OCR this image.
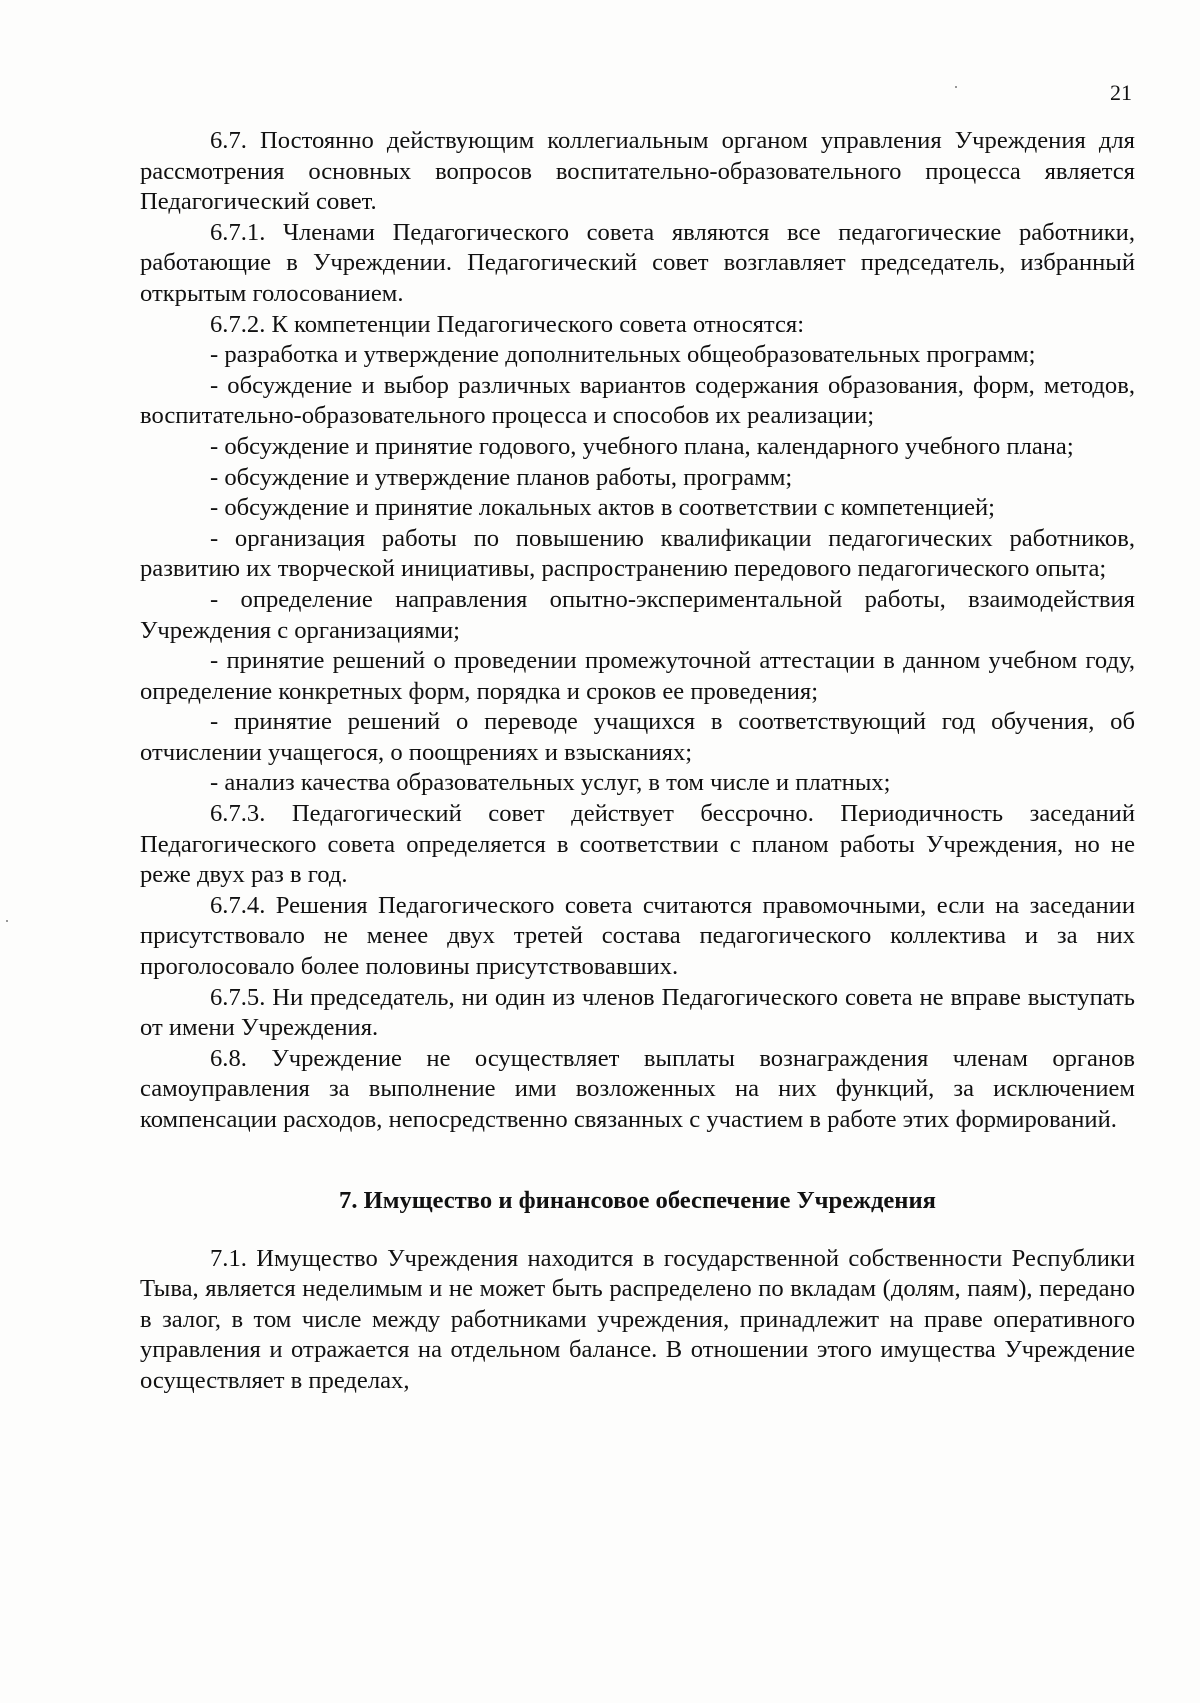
21

6.7. Постоянно действующим коллегиальным органом управления Учреждения для рассмотрения основных вопросов воспитательно-образовательного процесса является Педагогический совет.

6.7.1. Членами Педагогического совета являются все педагогические работники, работающие в Учреждении. Педагогический совет возглавляет председатель, избранный открытым голосованием.

6.7.2. К компетенции Педагогического совета относятся:

- разработка и утверждение дополнительных общеобразовательных программ;

- обсуждение и выбор различных вариантов содержания образования, форм, методов, воспитательно-образовательного процесса и способов их реализации;

- обсуждение и принятие годового, учебного плана, календарного учебного плана;

- обсуждение и утверждение планов работы, программ;

- обсуждение и принятие локальных актов в соответствии с компетенцией;

- организация работы по повышению квалификации педагогических работников, развитию их творческой инициативы, распространению передового педагогического опыта;

- определение направления опытно-экспериментальной работы, взаимодействия Учреждения с организациями;

- принятие решений о проведении промежуточной аттестации в данном учебном году, определение конкретных форм, порядка и сроков ее проведения;

- принятие решений о переводе учащихся в соответствующий год обучения, об отчислении учащегося, о поощрениях и взысканиях;

- анализ качества образовательных услуг, в том числе и платных;

6.7.3. Педагогический совет действует бессрочно. Периодичность заседаний Педагогического совета определяется в соответствии с планом работы Учреждения, но не реже двух раз в год.

6.7.4. Решения Педагогического совета считаются правомочными, если на заседании присутствовало не менее двух третей состава педагогического коллектива и за них проголосовало более половины присутствовавших.

6.7.5. Ни председатель, ни один из членов Педагогического совета не вправе выступать от имени Учреждения.

6.8. Учреждение не осуществляет выплаты вознаграждения членам органов самоуправления за выполнение ими возложенных на них функций, за исключением компенсации расходов, непосредственно связанных с участием в работе этих формирований.

7. Имущество и финансовое обеспечение Учреждения

7.1. Имущество Учреждения находится в государственной собственности Республики Тыва, является неделимым и не может быть распределено по вкладам (долям, паям), передано в залог, в том числе между работниками учреждения, принадлежит на праве оперативного управления и отражается на отдельном балансе. В отношении этого имущества Учреждение осуществляет в пределах,
